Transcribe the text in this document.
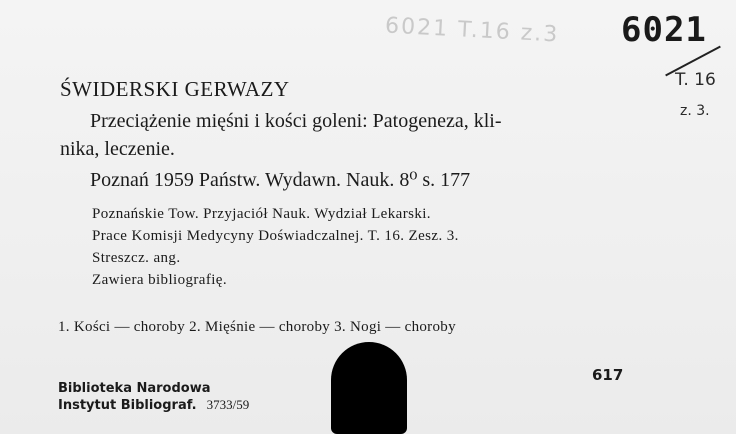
6021 T.16 z.3 6021
T. 16
z. 3.
ŚWIDERSKI GERWAZY
Przeciążenie mięśni i kości goleni: Patogeneza, kli-
nika, leczenie.
Poznań 1959 Państw. Wydawn. Nauk. 8⁰ s. 177
Poznańskie Tow. Przyjaciół Nauk. Wydział Lekarski.
Prace Komisji Medycyny Doświadczalnej. T. 16. Zesz. 3.
Streszcz. ang.
Zawiera bibliografię.
1. Kości — choroby 2. Mięśnie — choroby 3. Nogi — choroby
617
Biblioteka Narodowa
Instytut Bibliograf. 3733/59
